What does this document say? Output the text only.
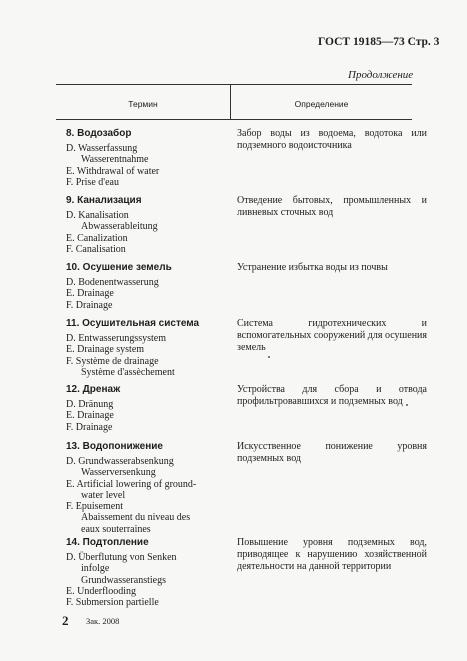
ГОСТ 19185—73 Стр. 3
Продолжение
Термин	Определение
8. Водозабор
D. Wasserfassung
Wasserentnahme
E. Withdrawal of water
F. Prise d'eau
Забор воды из водоема, водотока или подземного водоисточника
9. Канализация
D. Kanalisation
Abwasserableitung
E. Canalization
F. Canalisation
Отведение бытовых, промышленных и ливневых сточных вод
10. Осушение земель
D. Bodenentwasserung
E. Drainage
F. Drainage
Устранение избытка воды из почвы
11. Осушительная система
D. Entwasserungssystem
E. Drainage system
F. Système de drainage
Système d'assèchement
Система гидротехнических и вспомогательных сооружений для осушения земель
12. Дренаж
D. Dränung
E. Drainage
F. Drainage
Устройства для сбора и отвода профильтровавшихся и подземных вод
13. Водопонижение
D. Grundwasserabsenkung
Wasserversenkung
E. Artificial lowering of ground-
water level
F. Epuisement
Abaissement du niveau des
eaux souterraines
Искусственное понижение уровня подземных вод
14. Подтопление
D. Überflutung von Senken
infolge
Grundwasseranstiegs
E. Underflooding
F. Submersion partielle
Повышение уровня подземных вод, приводящее к нарушению хозяйственной деятельности на данной территории
2 Зак. 2008
